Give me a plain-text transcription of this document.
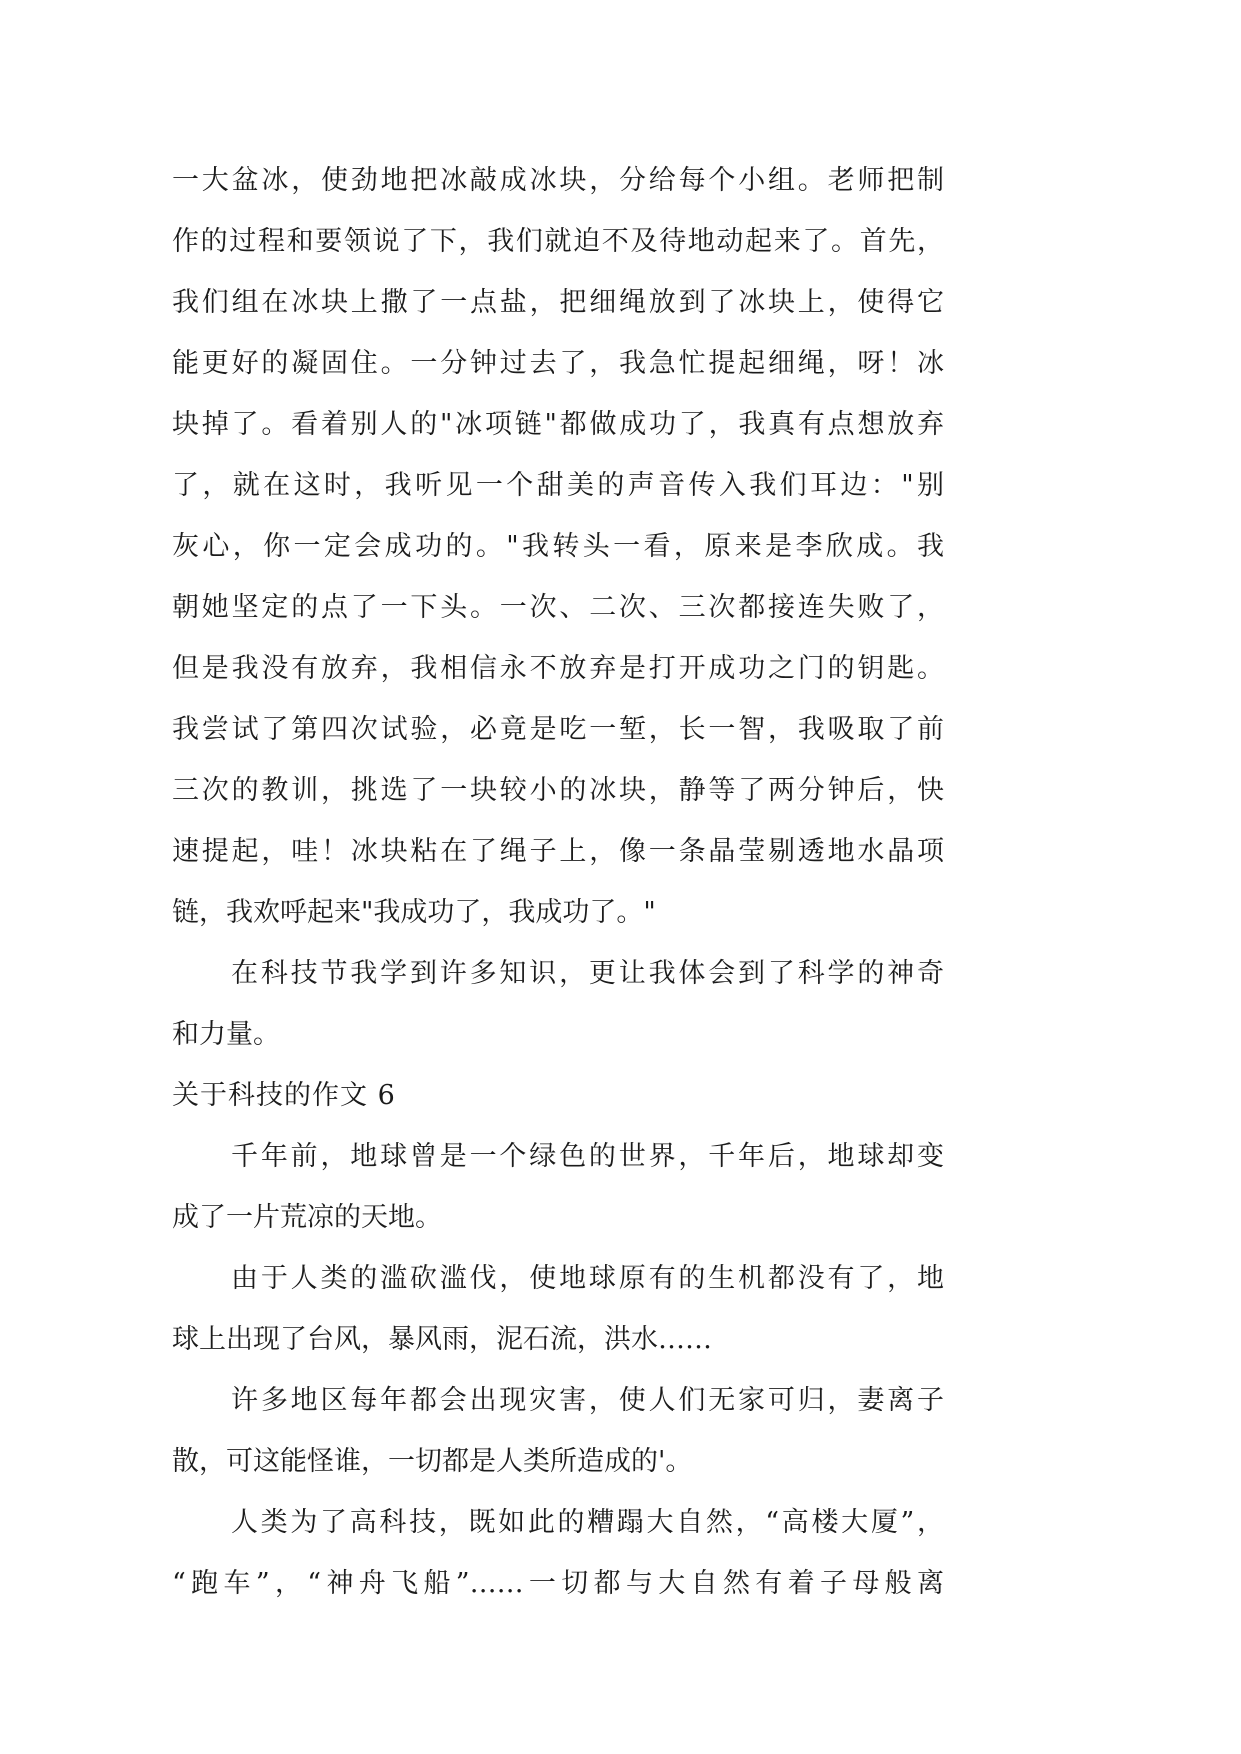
一大盆冰，使劲地把冰敲成冰块，分给每个小组。老师把制
作的过程和要领说了下，我们就迫不及待地动起来了。首先，
我们组在冰块上撒了一点盐，把细绳放到了冰块上，使得它
能更好的凝固住。一分钟过去了，我急忙提起细绳，呀！冰
块掉了。看着别人的"冰项链"都做成功了，我真有点想放弃
了，就在这时，我听见一个甜美的声音传入我们耳边："别
灰心，你一定会成功的。"我转头一看，原来是李欣成。我
朝她坚定的点了一下头。一次、二次、三次都接连失败了，
但是我没有放弃，我相信永不放弃是打开成功之门的钥匙。
我尝试了第四次试验，必竟是吃一堑，长一智，我吸取了前
三次的教训，挑选了一块较小的冰块，静等了两分钟后，快
速提起，哇！冰块粘在了绳子上，像一条晶莹剔透地水晶项
链，我欢呼起来"我成功了，我成功了。"
在科技节我学到许多知识，更让我体会到了科学的神奇
和力量。
关于科技的作文 6
千年前，地球曾是一个绿色的世界，千年后，地球却变
成了一片荒凉的天地。
由于人类的滥砍滥伐，使地球原有的生机都没有了，地
球上出现了台风，暴风雨，泥石流，洪水……
许多地区每年都会出现灾害，使人们无家可归，妻离子
散，可这能怪谁，一切都是人类所造成的'。
人类为了高科技，既如此的糟蹋大自然，“高楼大厦”，
“跑车”，“神舟飞船”……一切都与大自然有着子母般离
